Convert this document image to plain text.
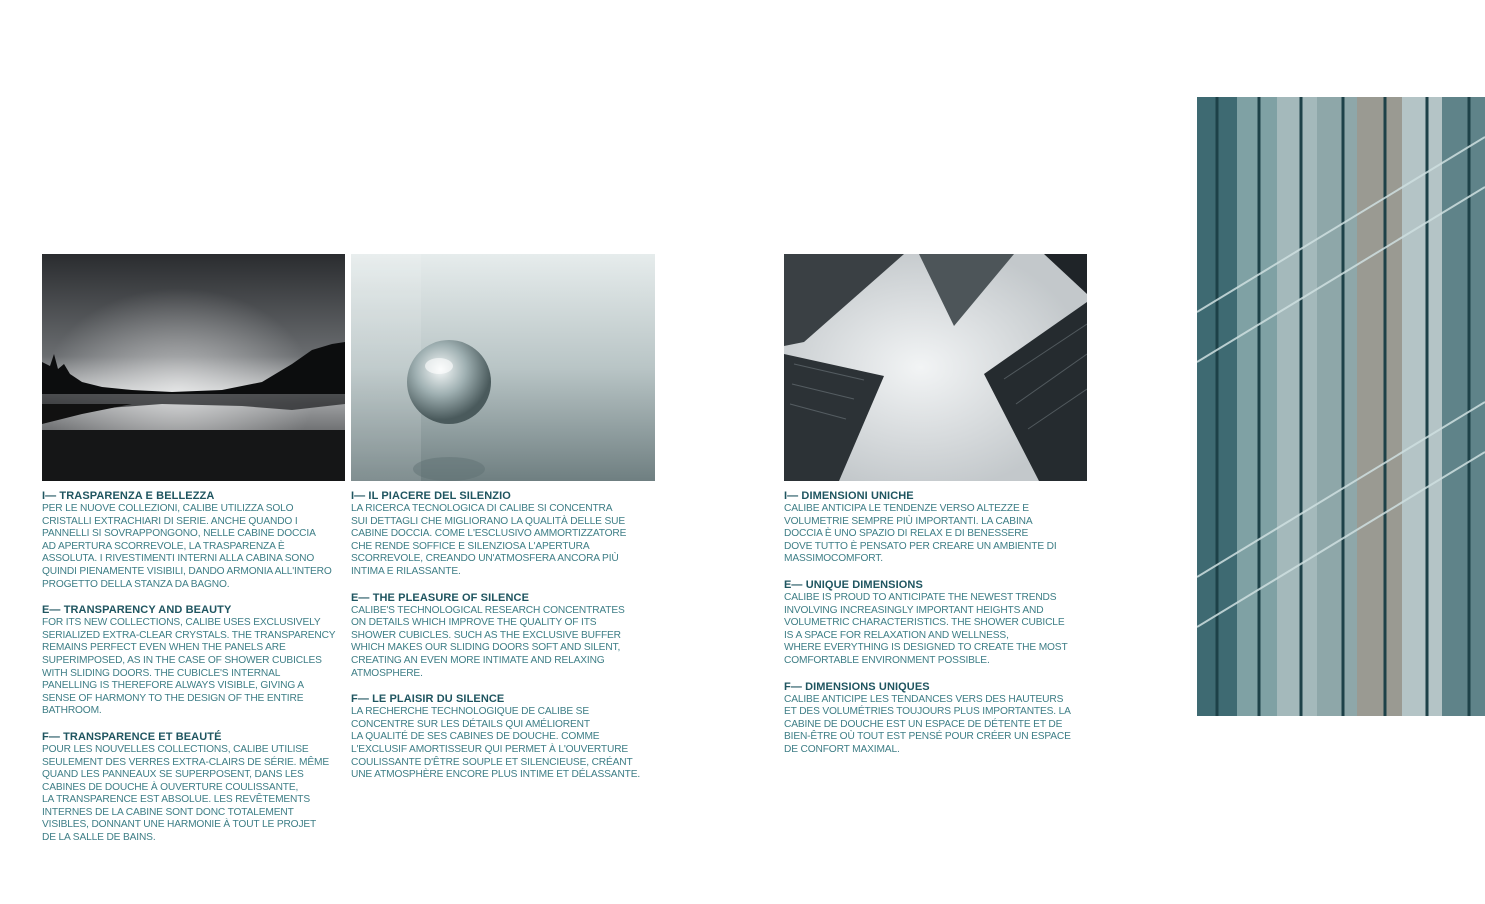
I— TRASPARENZA E BELLEZZA

PER LE NUOVE COLLEZIONI, CALIBE UTILIZZA SOLO
CRISTALLI EXTRACHIARI DI SERIE. ANCHE QUANDO I
PANNELLI SI SOVRAPPONGONO, NELLE CABINE DOCCIA
AD APERTURA SCORREVOLE, LA TRASPARENZA È
ASSOLUTA. I RIVESTIMENTI INTERNI ALLA CABINA SONO
QUINDI PIENAMENTE VISIBILI, DANDO ARMONIA ALL'INTERO
PROGETTO DELLA STANZA DA BAGNO.

E— TRANSPARENCY AND BEAUTY

FOR ITS NEW COLLECTIONS, CALIBE USES EXCLUSIVELY
SERIALIZED EXTRA-CLEAR CRYSTALS. THE TRANSPARENCY
REMAINS PERFECT EVEN WHEN THE PANELS ARE
SUPERIMPOSED, AS IN THE CASE OF SHOWER CUBICLES
WITH SLIDING DOORS. THE CUBICLE'S INTERNAL
PANELLING IS THEREFORE ALWAYS VISIBLE, GIVING A
SENSE OF HARMONY TO THE DESIGN OF THE ENTIRE
BATHROOM.

F— TRANSPARENCE ET BEAUTÉ

POUR LES NOUVELLES COLLECTIONS, CALIBE UTILISE
SEULEMENT DES VERRES EXTRA-CLAIRS DE SÉRIE. MÊME
QUAND LES PANNEAUX SE SUPERPOSENT, DANS LES
CABINES DE DOUCHE À OUVERTURE COULISSANTE,
LA TRANSPARENCE EST ABSOLUE. LES REVÊTEMENTS
INTERNES DE LA CABINE SONT DONC TOTALEMENT
VISIBLES, DONNANT UNE HARMONIE À TOUT LE PROJET
DE LA SALLE DE BAINS.

I— IL PIACERE DEL SILENZIO

LA RICERCA TECNOLOGICA DI CALIBE SI CONCENTRA
SUI DETTAGLI CHE MIGLIORANO LA QUALITÀ DELLE SUE
CABINE DOCCIA. COME L'ESCLUSIVO AMMORTIZZATORE
CHE RENDE SOFFICE E SILENZIOSA L'APERTURA
SCORREVOLE, CREANDO UN'ATMOSFERA ANCORA PIÙ
INTIMA E RILASSANTE.

E— THE PLEASURE OF SILENCE

CALIBE'S TECHNOLOGICAL RESEARCH CONCENTRATES
ON DETAILS WHICH IMPROVE THE QUALITY OF ITS
SHOWER CUBICLES. SUCH AS THE EXCLUSIVE BUFFER
WHICH MAKES OUR SLIDING DOORS SOFT AND SILENT,
CREATING AN EVEN MORE INTIMATE AND RELAXING
ATMOSPHERE.

F— LE PLAISIR DU SILENCE

LA RECHERCHE TECHNOLOGIQUE DE CALIBE SE
CONCENTRE SUR LES DÉTAILS QUI AMÉLIORENT
LA QUALITÉ DE SES CABINES DE DOUCHE. COMME
L'EXCLUSIF AMORTISSEUR QUI PERMET À L'OUVERTURE
COULISSANTE D'ÊTRE SOUPLE ET SILENCIEUSE, CRÉANT
UNE ATMOSPHÈRE ENCORE PLUS INTIME ET DÉLASSANTE.

I— DIMENSIONI UNICHE

CALIBE ANTICIPA LE TENDENZE VERSO ALTEZZE E
VOLUMETRIE SEMPRE PIÙ IMPORTANTI. LA CABINA
DOCCIA È UNO SPAZIO DI RELAX E DI BENESSERE
DOVE TUTTO È PENSATO PER CREARE UN AMBIENTE DI
MASSIMOCOMFORT.

E— UNIQUE DIMENSIONS

CALIBE IS PROUD TO ANTICIPATE THE NEWEST TRENDS
INVOLVING INCREASINGLY IMPORTANT HEIGHTS AND
VOLUMETRIC CHARACTERISTICS. THE SHOWER CUBICLE
IS A SPACE FOR RELAXATION AND WELLNESS,
WHERE EVERYTHING IS DESIGNED TO CREATE THE MOST
COMFORTABLE ENVIRONMENT POSSIBLE.

F— DIMENSIONS UNIQUES

CALIBE ANTICIPE LES TENDANCES VERS DES HAUTEURS
ET DES VOLUMÉTRIES TOUJOURS PLUS IMPORTANTES. LA
CABINE DE DOUCHE EST UN ESPACE DE DÉTENTE ET DE
BIEN-ÊTRE OÙ TOUT EST PENSÉ POUR CRÉER UN ESPACE
DE CONFORT MAXIMAL.
